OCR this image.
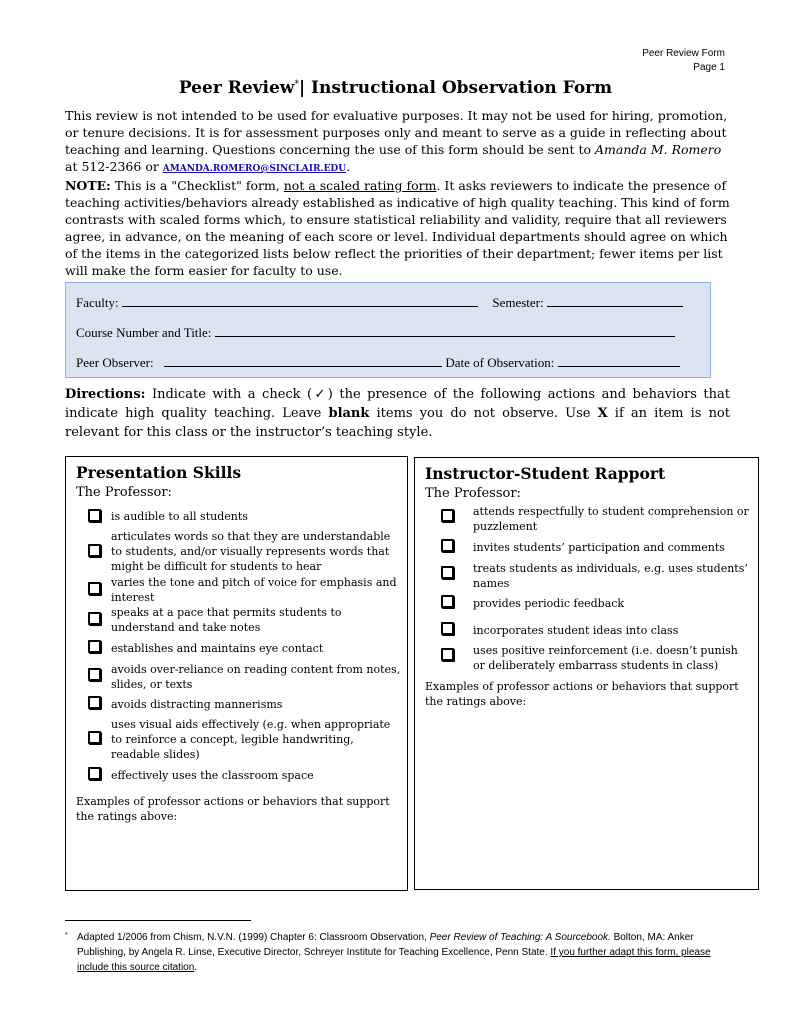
Peer Review Form
Page 1
Peer Review*| Instructional Observation Form
This review is not intended to be used for evaluative purposes. It may not be used for hiring, promotion, or tenure decisions. It is for assessment purposes only and meant to serve as a guide in reflecting about teaching and learning. Questions concerning the use of this form should be sent to Amanda M. Romero at 512-2366 or AMANDA.ROMERO@SINCLAIR.EDU.
NOTE: This is a "Checklist" form, not a scaled rating form. It asks reviewers to indicate the presence of teaching activities/behaviors already established as indicative of high quality teaching. This kind of form contrasts with scaled forms which, to ensure statistical reliability and validity, require that all reviewers agree, in advance, on the meaning of each score or level. Individual departments should agree on which of the items in the categorized lists below reflect the priorities of their department; fewer items per list will make the form easier for faculty to use.
Faculty:	Semester:
Course Number and Title:
Peer Observer:	Date of Observation:
Directions: Indicate with a check (✓) the presence of the following actions and behaviors that indicate high quality teaching. Leave blank items you do not observe. Use X if an item is not relevant for this class or the instructor’s teaching style.
Presentation Skills
The Professor:
is audible to all students
articulates words so that they are understandable to students, and/or visually represents words that might be difficult for students to hear
varies the tone and pitch of voice for emphasis and interest
speaks at a pace that permits students to understand and take notes
establishes and maintains eye contact
avoids over-reliance on reading content from notes, slides, or texts
avoids distracting mannerisms
uses visual aids effectively (e.g. when appropriate to reinforce a concept, legible handwriting, readable slides)
effectively uses the classroom space
Examples of professor actions or behaviors that support the ratings above:
Instructor-Student Rapport
The Professor:
attends respectfully to student comprehension or puzzlement
invites students’ participation and comments
treats students as individuals, e.g. uses students’ names
provides periodic feedback
incorporates student ideas into class
uses positive reinforcement (i.e. doesn’t punish or deliberately embarrass students in class)
Examples of professor actions or behaviors that support the ratings above:
* Adapted 1/2006 from Chism, N.V.N. (1999) Chapter 6: Classroom Observation, Peer Review of Teaching: A Sourcebook. Bolton, MA: Anker Publishing, by Angela R. Linse, Executive Director, Schreyer Institute for Teaching Excellence, Penn State. If you further adapt this form, please include this source citation.
